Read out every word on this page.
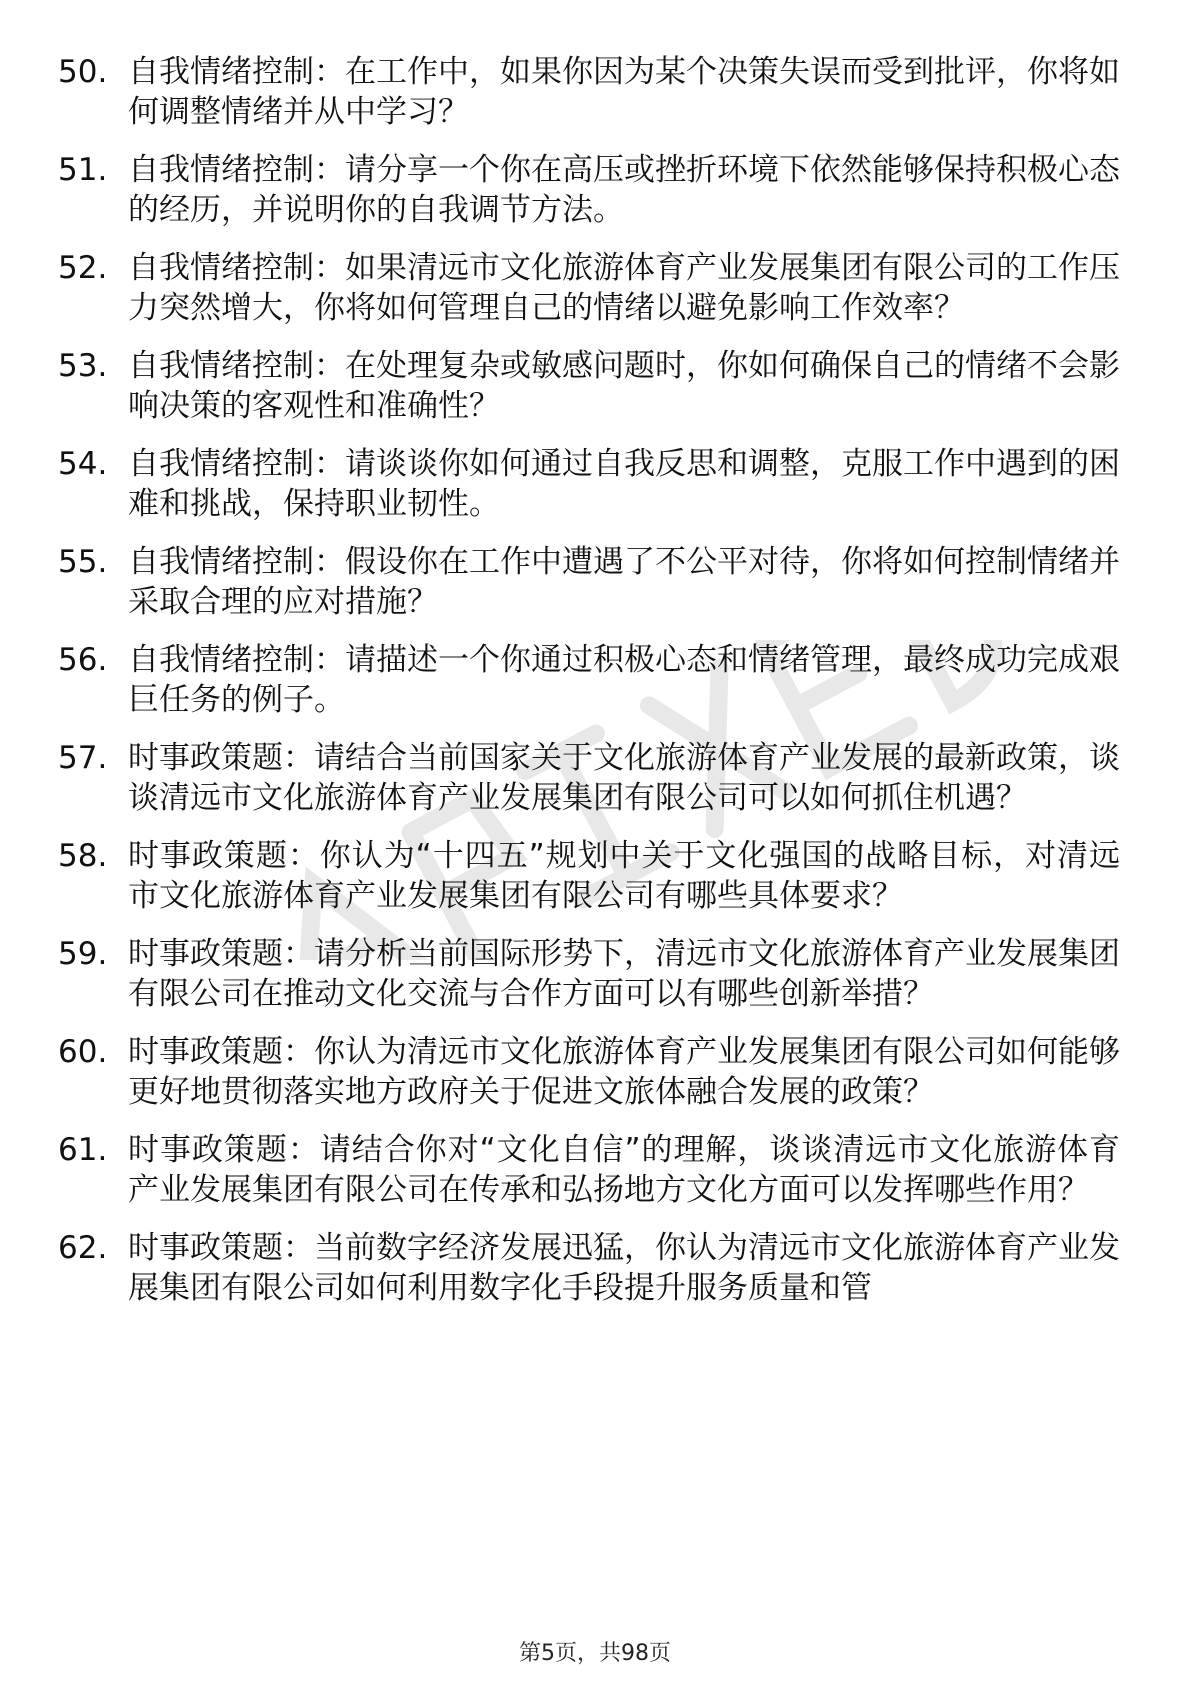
50. 自我情绪控制：在工作中，如果你因为某个决策失误而受到批评，你将如何调整情绪并从中学习？
51. 自我情绪控制：请分享一个你在高压或挫折环境下依然能够保持积极心态的经历，并说明你的自我调节方法。
52. 自我情绪控制：如果清远市文化旅游体育产业发展集团有限公司的工作压力突然增大，你将如何管理自己的情绪以避免影响工作效率？
53. 自我情绪控制：在处理复杂或敏感问题时，你如何确保自己的情绪不会影响决策的客观性和准确性？
54. 自我情绪控制：请谈谈你如何通过自我反思和调整，克服工作中遇到的困难和挑战，保持职业韧性。
55. 自我情绪控制：假设你在工作中遭遇了不公平对待，你将如何控制情绪并采取合理的应对措施？
56. 自我情绪控制：请描述一个你通过积极心态和情绪管理，最终成功完成艰巨任务的例子。
57. 时事政策题：请结合当前国家关于文化旅游体育产业发展的最新政策，谈谈清远市文化旅游体育产业发展集团有限公司可以如何抓住机遇？
58. 时事政策题：你认为“十四五”规划中关于文化强国的战略目标，对清远市文化旅游体育产业发展集团有限公司有哪些具体要求？
59. 时事政策题：请分析当前国际形势下，清远市文化旅游体育产业发展集团有限公司在推动文化交流与合作方面可以有哪些创新举措？
60. 时事政策题：你认为清远市文化旅游体育产业发展集团有限公司如何能够更好地贯彻落实地方政府关于促进文旅体融合发展的政策？
61. 时事政策题：请结合你对“文化自信”的理解，谈谈清远市文化旅游体育产业发展集团有限公司在传承和弘扬地方文化方面可以发挥哪些作用？
62. 时事政策题：当前数字经济发展迅猛，你认为清远市文化旅游体育产业发展集团有限公司如何利用数字化手段提升服务质量和管
第5页，共98页
